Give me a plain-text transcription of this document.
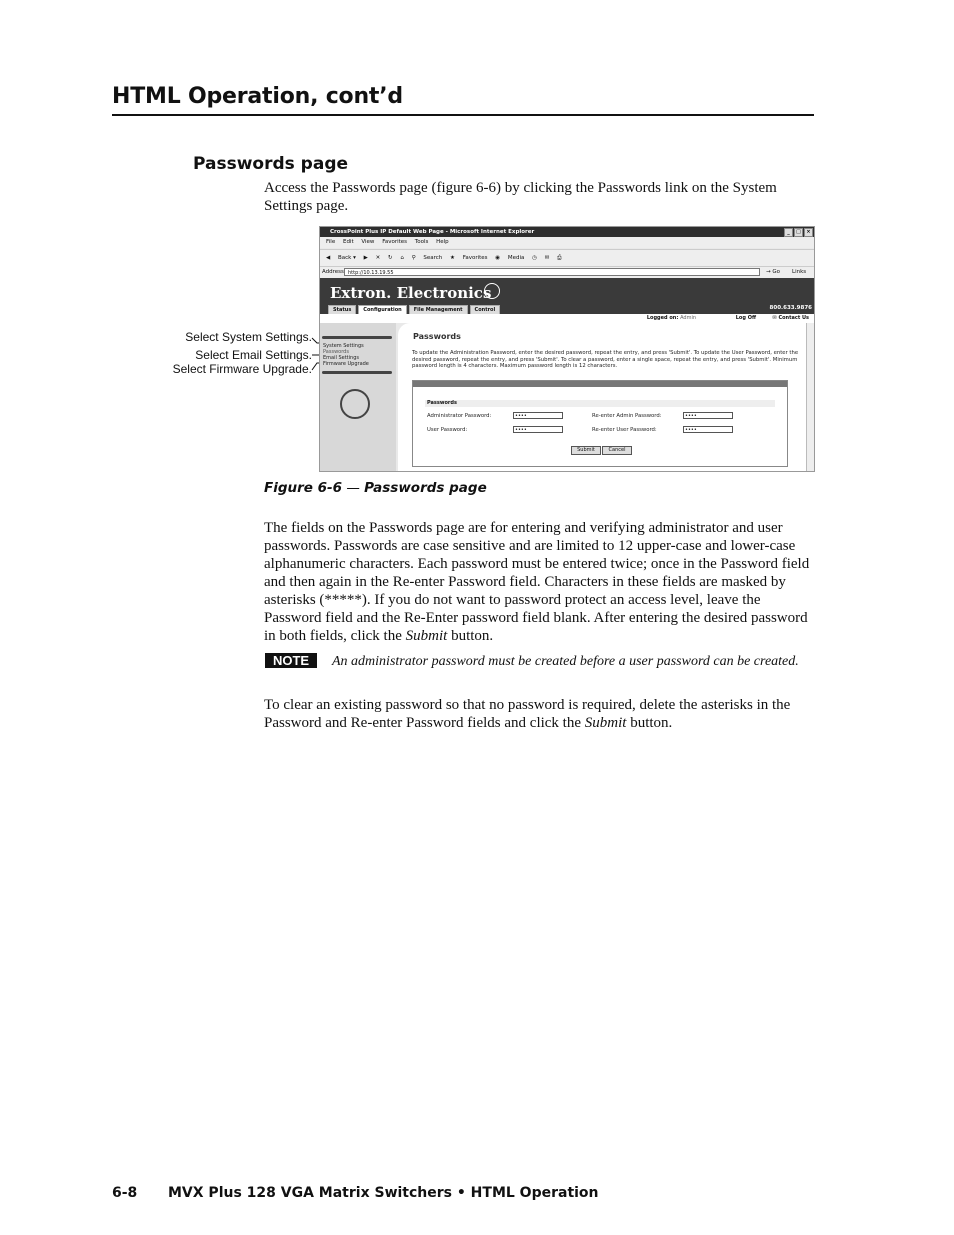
HTML Operation, cont’d
Passwords page
Access the Passwords page (figure 6-6) by clicking the Passwords link on the System Settings page.
Select System Settings.
Select Email Settings.
Select Firmware Upgrade.
CrossPoint Plus IP Default Web Page - Microsoft Internet Explorer	_	□	×
File Edit View Favorites Tools Help
◀ Back ▾ ▶ ✕ ↻ ⌂ ⚲ Search ★ Favorites ◉ Media ◷ ✉ ⎙
Address http://10.13.19.55	→ Go Links
Extron. Electronics
Status	Configuration	File Management	Control	800.633.9876
Logged on: Admin	Log Off	✉ Contact Us
System Settings
Passwords
Email Settings
Firmware Upgrade
Passwords
To update the Administration Password, enter the desired password, repeat the entry, and press 'Submit'. To update the User Password, enter the desired password, repeat the entry, and press 'Submit'. To clear a password, enter a single space, repeat the entry, and press 'Submit'. Minimum password length is 4 characters. Maximum password length is 12 characters.
Passwords
Administrator Password:	••••	Re-enter Admin Password:	••••
User Password:	••••	Re-enter User Password:	••••
Submit	Cancel
Figure 6-6 — Passwords page
The fields on the Passwords page are for entering and verifying administrator and user passwords. Passwords are case sensitive and are limited to 12 upper-case and lower-case alphanumeric characters. Each password must be entered twice; once in the Password field and then again in the Re-enter Password field. Characters in these fields are masked by asterisks (*****). If you do not want to password protect an access level, leave the Password field and the Re-Enter password field blank. After entering the desired password in both fields, click the Submit button.
NOTE	An administrator password must be created before a user password can be created.
To clear an existing password so that no password is required, delete the asterisks in the Password and Re-enter Password fields and click the Submit button.
6-8 MVX Plus 128 VGA Matrix Switchers • HTML Operation
